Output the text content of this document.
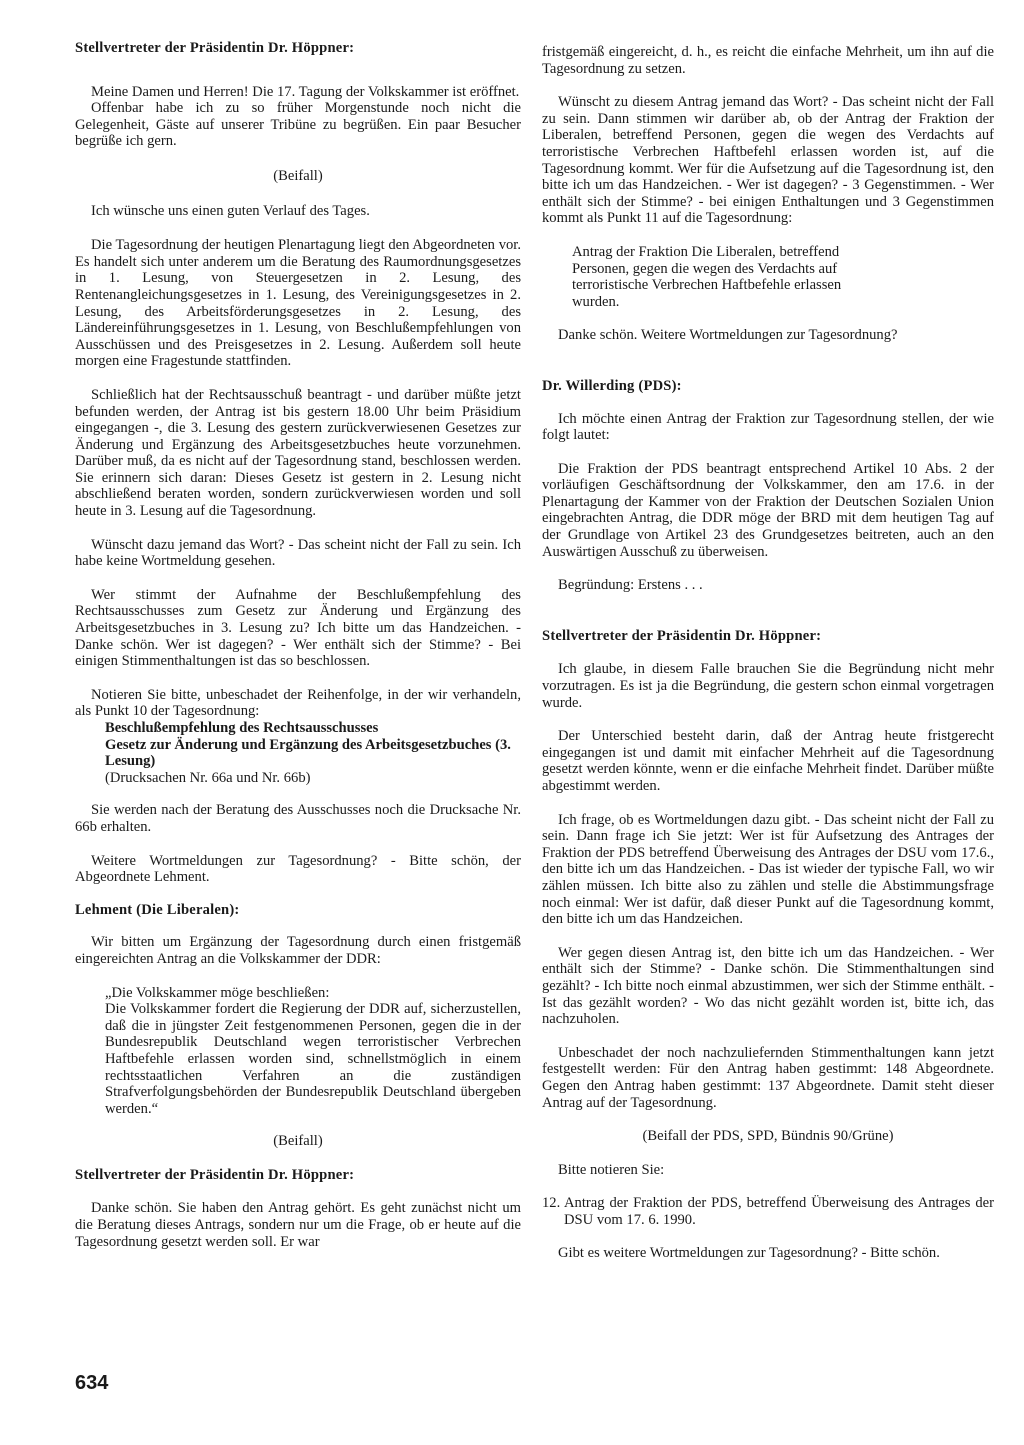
Stellvertreter der Präsidentin Dr. Höppner:

Meine Damen und Herren! Die 17. Tagung der Volkskammer ist eröffnet.

Offenbar habe ich zu so früher Morgenstunde noch nicht die Gelegenheit, Gäste auf unserer Tribüne zu begrüßen. Ein paar Besucher begrüße ich gern.

(Beifall)

Ich wünsche uns einen guten Verlauf des Tages.

Die Tagesordnung der heutigen Plenartagung liegt den Abgeordneten vor. Es handelt sich unter anderem um die Beratung des Raumordnungsgesetzes in 1. Lesung, von Steuergesetzen in 2. Lesung, des Rentenangleichungsgesetzes in 1. Lesung, des Vereinigungsgesetzes in 2. Lesung, des Arbeitsförderungsgesetzes in 2. Lesung, des Ländereinführungsgesetzes in 1. Lesung, von Beschlußempfehlungen von Ausschüssen und des Preisgesetzes in 2. Lesung. Außerdem soll heute morgen eine Fragestunde stattfinden.

Schließlich hat der Rechtsausschuß beantragt - und darüber müßte jetzt befunden werden, der Antrag ist bis gestern 18.00 Uhr beim Präsidium eingegangen -, die 3. Lesung des gestern zurückverwiesenen Gesetzes zur Änderung und Ergänzung des Arbeitsgesetzbuches heute vorzunehmen. Darüber muß, da es nicht auf der Tagesordnung stand, beschlossen werden. Sie erinnern sich daran: Dieses Gesetz ist gestern in 2. Lesung nicht abschließend beraten worden, sondern zurückverwiesen worden und soll heute in 3. Lesung auf die Tagesordnung.

Wünscht dazu jemand das Wort? - Das scheint nicht der Fall zu sein. Ich habe keine Wortmeldung gesehen.

Wer stimmt der Aufnahme der Beschlußempfehlung des Rechtsausschusses zum Gesetz zur Änderung und Ergänzung des Arbeitsgesetzbuches in 3. Lesung zu? Ich bitte um das Handzeichen. - Danke schön. Wer ist dagegen? - Wer enthält sich der Stimme? - Bei einigen Stimmenthaltungen ist das so beschlossen.

Notieren Sie bitte, unbeschadet der Reihenfolge, in der wir verhandeln, als Punkt 10 der Tagesordnung:

Beschlußempfehlung des Rechtsausschusses

Gesetz zur Änderung und Ergänzung des Arbeitsgesetzbuches (3. Lesung)

(Drucksachen Nr. 66a und Nr. 66b)

Sie werden nach der Beratung des Ausschusses noch die Drucksache Nr. 66b erhalten.

Weitere Wortmeldungen zur Tagesordnung? - Bitte schön, der Abgeordnete Lehment.

Lehment (Die Liberalen):

Wir bitten um Ergänzung der Tagesordnung durch einen fristgemäß eingereichten Antrag an die Volkskammer der DDR:

„Die Volkskammer möge beschließen:

Die Volkskammer fordert die Regierung der DDR auf, sicherzustellen, daß die in jüngster Zeit festgenommenen Personen, gegen die in der Bundesrepublik Deutschland wegen terroristischer Verbrechen Haftbefehle erlassen worden sind, schnellstmöglich in einem rechtsstaatlichen Verfahren an die zuständigen Strafverfolgungsbehörden der Bundesrepublik Deutschland übergeben werden.“

(Beifall)

Stellvertreter der Präsidentin Dr. Höppner:

Danke schön. Sie haben den Antrag gehört. Es geht zunächst nicht um die Beratung dieses Antrags, sondern nur um die Frage, ob er heute auf die Tagesordnung gesetzt werden soll. Er war

fristgemäß eingereicht, d. h., es reicht die einfache Mehrheit, um ihn auf die Tagesordnung zu setzen.

Wünscht zu diesem Antrag jemand das Wort? - Das scheint nicht der Fall zu sein. Dann stimmen wir darüber ab, ob der Antrag der Fraktion der Liberalen, betreffend Personen, gegen die wegen des Verdachts auf terroristische Verbrechen Haftbefehl erlassen worden ist, auf die Tagesordnung kommt. Wer für die Aufsetzung auf die Tagesordnung ist, den bitte ich um das Handzeichen. - Wer ist dagegen? - 3 Gegenstimmen. - Wer enthält sich der Stimme? - bei einigen Enthaltungen und 3 Gegenstimmen kommt als Punkt 11 auf die Tagesordnung:

Antrag der Fraktion Die Liberalen, betreffend Personen, gegen die wegen des Verdachts auf terroristische Verbrechen Haftbefehle erlassen wurden.

Danke schön. Weitere Wortmeldungen zur Tagesordnung?

Dr. Willerding (PDS):

Ich möchte einen Antrag der Fraktion zur Tagesordnung stellen, der wie folgt lautet:

Die Fraktion der PDS beantragt entsprechend Artikel 10 Abs. 2 der vorläufigen Geschäftsordnung der Volkskammer, den am 17.6. in der Plenartagung der Kammer von der Fraktion der Deutschen Sozialen Union eingebrachten Antrag, die DDR möge der BRD mit dem heutigen Tag auf der Grundlage von Artikel 23 des Grundgesetzes beitreten, auch an den Auswärtigen Ausschuß zu überweisen.

Begründung: Erstens . . .

Stellvertreter der Präsidentin Dr. Höppner:

Ich glaube, in diesem Falle brauchen Sie die Begründung nicht mehr vorzutragen. Es ist ja die Begründung, die gestern schon einmal vorgetragen wurde.

Der Unterschied besteht darin, daß der Antrag heute fristgerecht eingegangen ist und damit mit einfacher Mehrheit auf die Tagesordnung gesetzt werden könnte, wenn er die einfache Mehrheit findet. Darüber müßte abgestimmt werden.

Ich frage, ob es Wortmeldungen dazu gibt. - Das scheint nicht der Fall zu sein. Dann frage ich Sie jetzt: Wer ist für Aufsetzung des Antrages der Fraktion der PDS betreffend Überweisung des Antrages der DSU vom 17.6., den bitte ich um das Handzeichen. - Das ist wieder der typische Fall, wo wir zählen müssen. Ich bitte also zu zählen und stelle die Abstimmungsfrage noch einmal: Wer ist dafür, daß dieser Punkt auf die Tagesordnung kommt, den bitte ich um das Handzeichen.

Wer gegen diesen Antrag ist, den bitte ich um das Handzeichen. - Wer enthält sich der Stimme? - Danke schön. Die Stimmenthaltungen sind gezählt? - Ich bitte noch einmal abzustimmen, wer sich der Stimme enthält. - Ist das gezählt worden? - Wo das nicht gezählt worden ist, bitte ich, das nachzuholen.

Unbeschadet der noch nachzuliefernden Stimmenthaltungen kann jetzt festgestellt werden: Für den Antrag haben gestimmt: 148 Abgeordnete. Gegen den Antrag haben gestimmt: 137 Abgeordnete. Damit steht dieser Antrag auf der Tagesordnung.

(Beifall der PDS, SPD, Bündnis 90/Grüne)

Bitte notieren Sie:

12. Antrag der Fraktion der PDS, betreffend Überweisung des Antrages der DSU vom 17. 6. 1990.

Gibt es weitere Wortmeldungen zur Tagesordnung? - Bitte schön.

634
